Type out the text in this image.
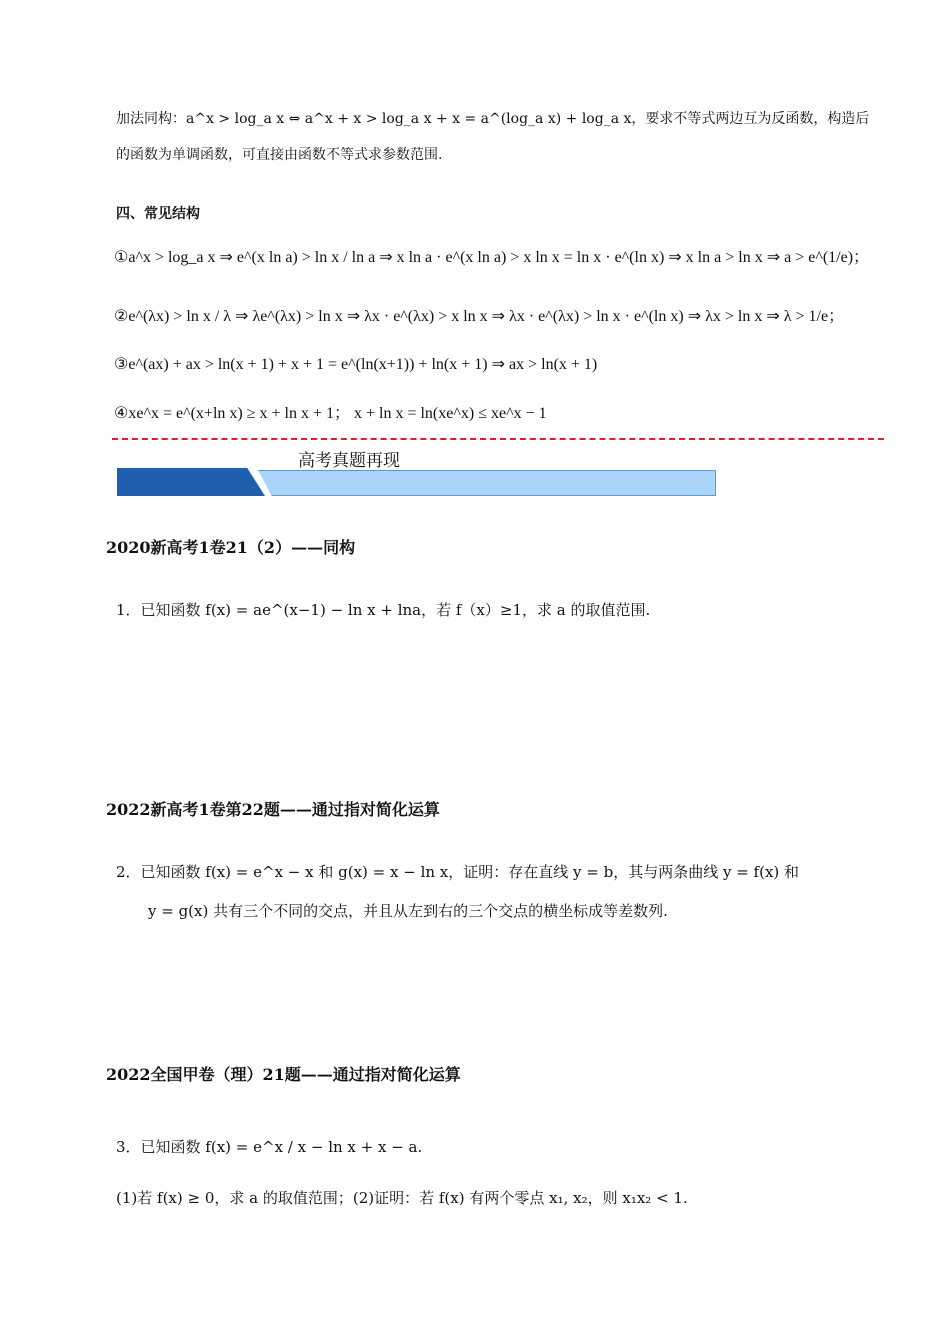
加法同构：a^x > log_a x ⇔ a^x + x > log_a x + x = a^(log_a x) + log_a x，要求不等式两边互为反函数，构造后
的函数为单调函数，可直接由函数不等式求参数范围.
四、常见结构
①a^x > log_a x ⇒ e^(x ln a) > ln x / ln a ⇒ x ln a · e^(x ln a) > x ln x = ln x · e^(ln x) ⇒ x ln a > ln x ⇒ a > e^(1/e)；
②e^(λx) > ln x / λ ⇒ λe^(λx) > ln x ⇒ λx · e^(λx) > x ln x ⇒ λx · e^(λx) > ln x · e^(ln x) ⇒ λx > ln x ⇒ λ > 1/e；
③e^(ax) + ax > ln(x + 1) + x + 1 = e^(ln(x+1)) + ln(x + 1) ⇒ ax > ln(x + 1)
④xe^x = e^(x+ln x) ≥ x + ln x + 1； x + ln x = ln(xe^x) ≤ xe^x − 1
高考真题再现
2020新高考1卷21（2）——同构
1．已知函数 f(x) = ae^(x−1) − ln x + lna，若 f（x）≥1，求 a 的取值范围.
2022新高考1卷第22题——通过指对简化运算
2．已知函数 f(x) = e^x − x 和 g(x) = x − ln x，证明：存在直线 y = b，其与两条曲线 y = f(x) 和
y = g(x) 共有三个不同的交点，并且从左到右的三个交点的横坐标成等差数列.
2022全国甲卷（理）21题——通过指对简化运算
3．已知函数 f(x) = e^x / x − ln x + x − a.
(1)若 f(x) ≥ 0，求 a 的取值范围；(2)证明：若 f(x) 有两个零点 x₁, x₂，则 x₁x₂ < 1.
